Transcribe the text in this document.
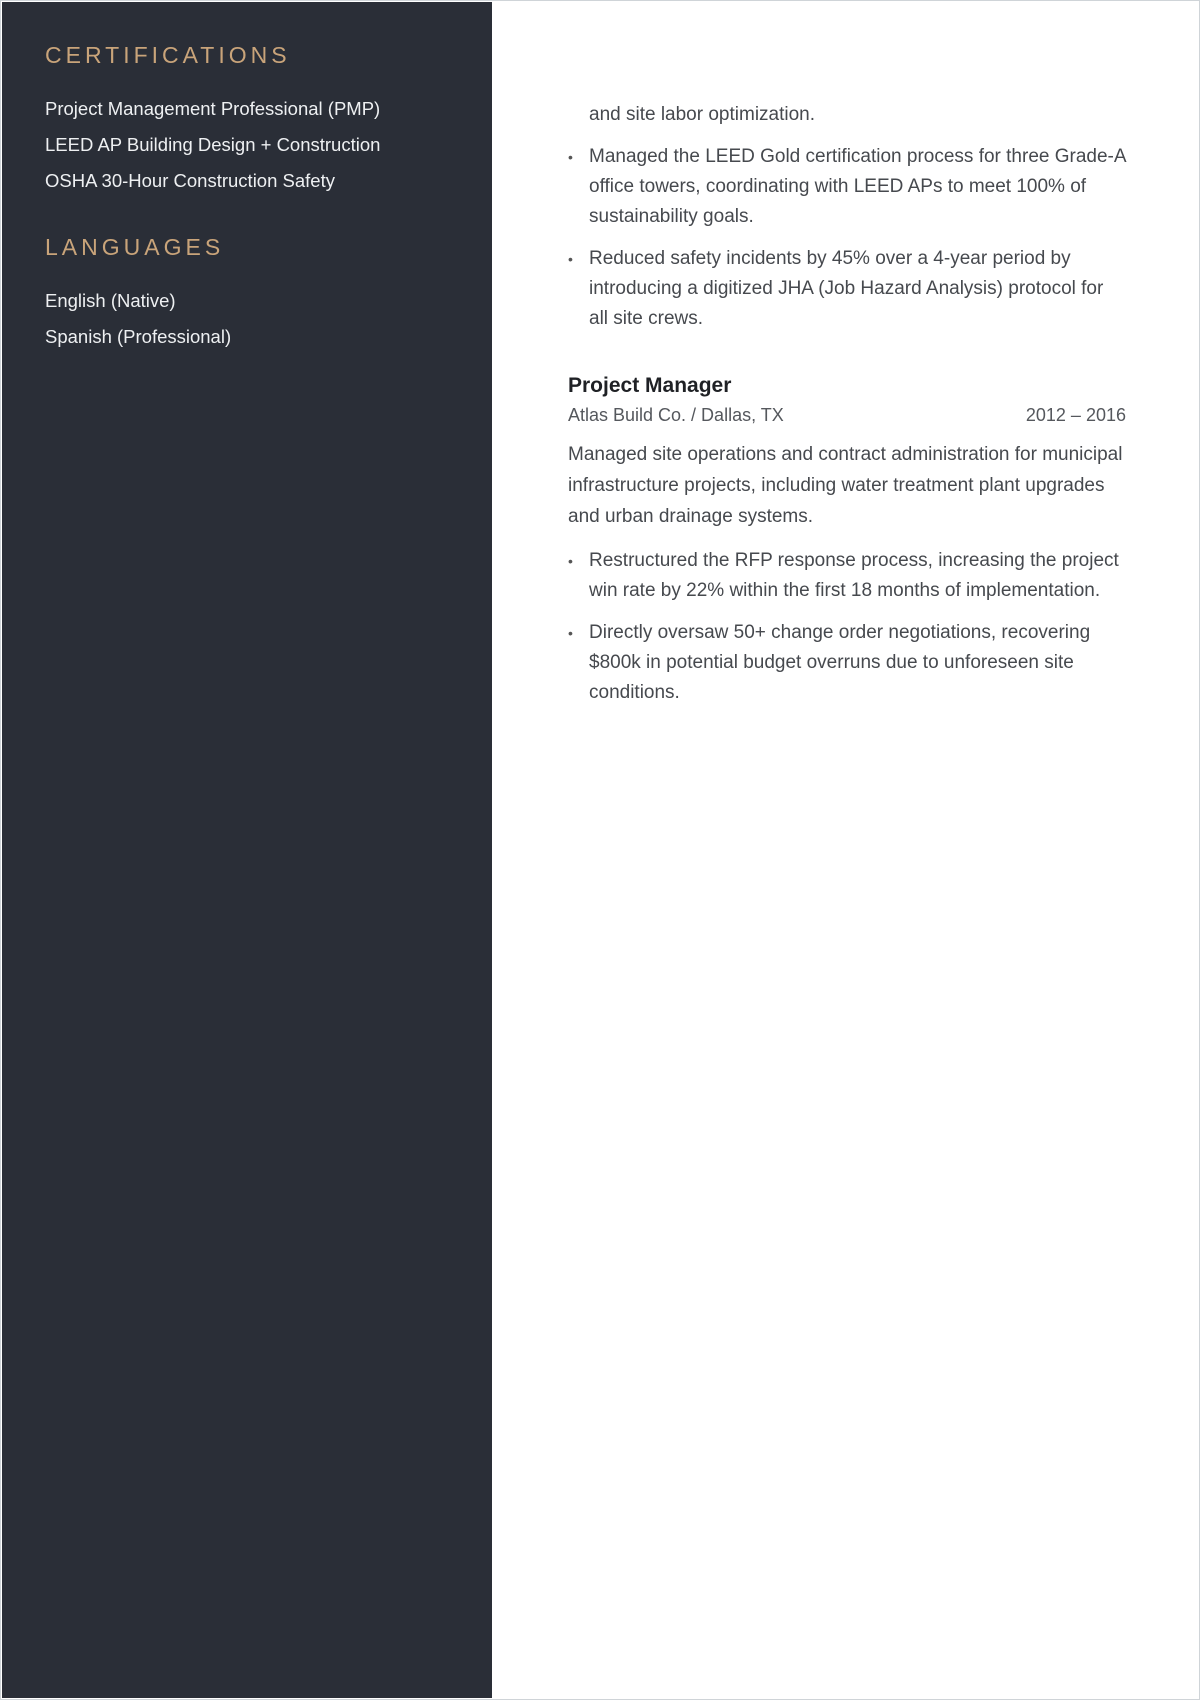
CERTIFICATIONS
Project Management Professional (PMP)
LEED AP Building Design + Construction
OSHA 30-Hour Construction Safety
LANGUAGES
English (Native)
Spanish (Professional)

and site labor optimization.

• Managed the LEED Gold certification process for three Grade-A office towers, coordinating with LEED APs to meet 100% of sustainability goals.
• Reduced safety incidents by 45% over a 4-year period by introducing a digitized JHA (Job Hazard Analysis) protocol for all site crews.
Project Manager
Atlas Build Co. / Dallas, TX	2012 – 2016

Managed site operations and contract administration for municipal infrastructure projects, including water treatment plant upgrades and urban drainage systems.

• Restructured the RFP response process, increasing the project win rate by 22% within the first 18 months of implementation.
• Directly oversaw 50+ change order negotiations, recovering $800k in potential budget overruns due to unforeseen site conditions.
